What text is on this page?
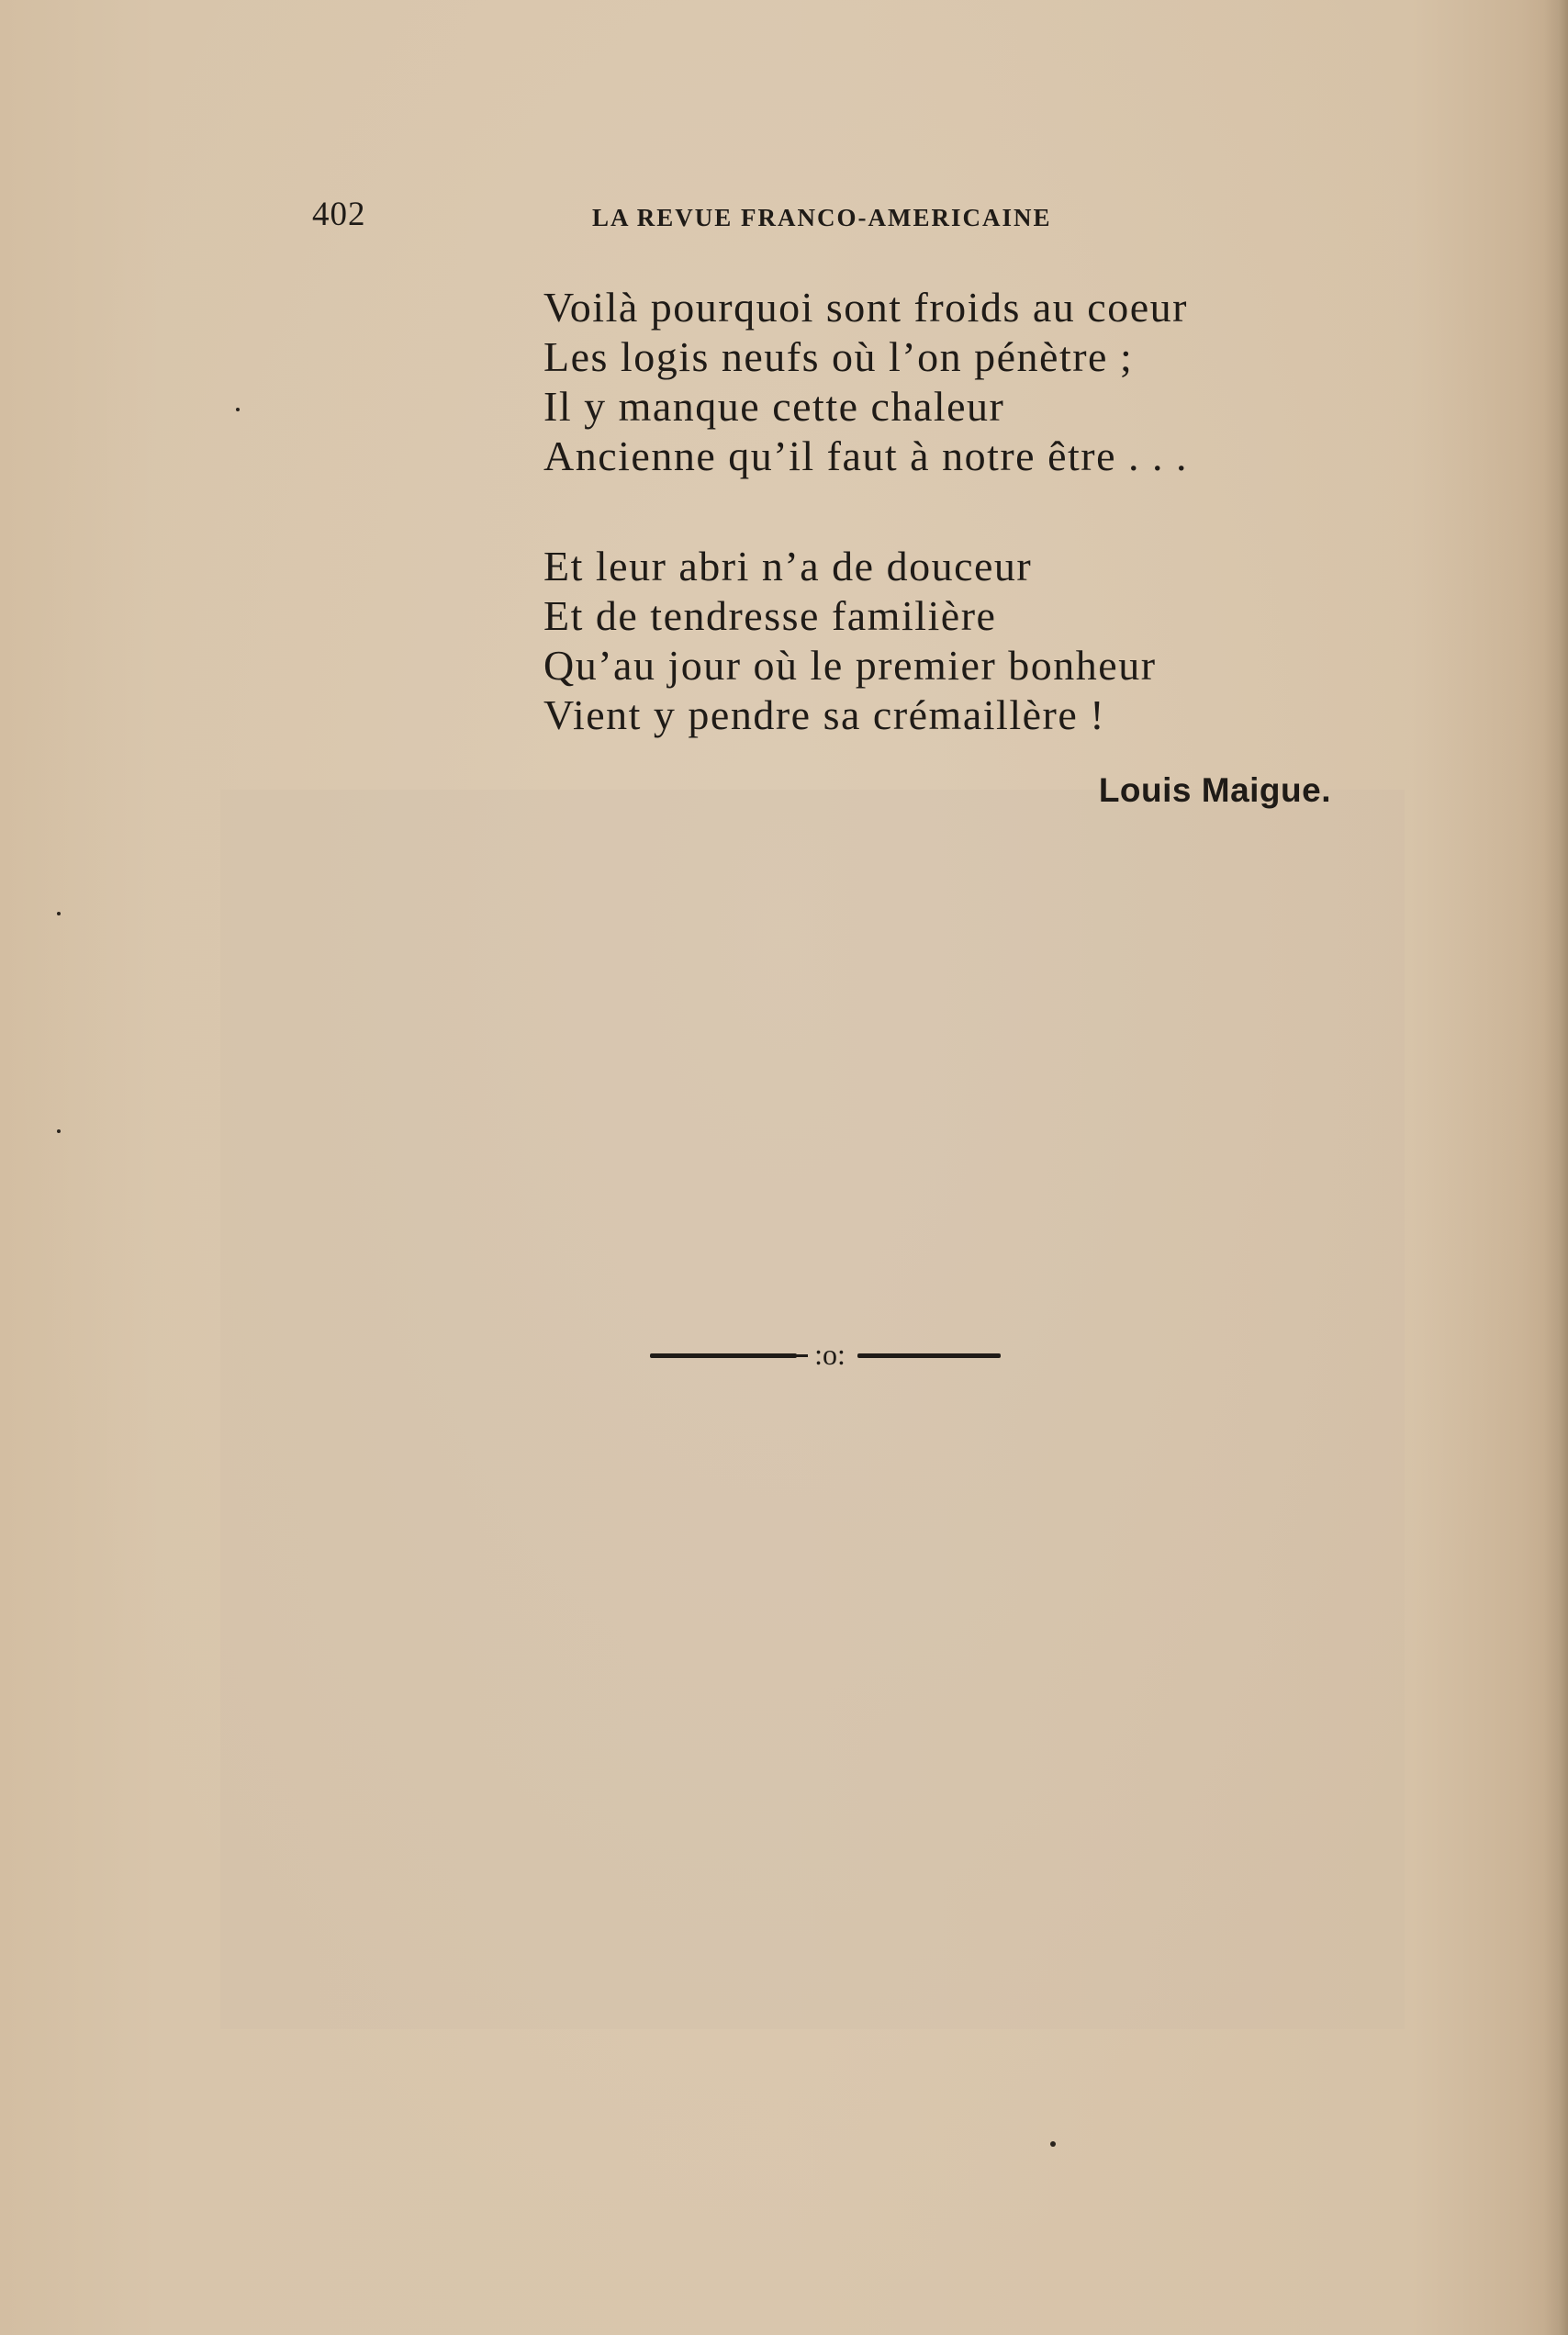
402	LA REVUE FRANCO-AMERICAINE
Voilà pourquoi sont froids au coeur
Les logis neufs où l’on pénètre ;
Il y manque cette chaleur
Ancienne qu’il faut à notre être . . .
Et leur abri n’a de douceur
Et de tendresse familière
Qu’au jour où le premier bonheur
Vient y pendre sa crémaillère !
Louis Maigue.
:o:
